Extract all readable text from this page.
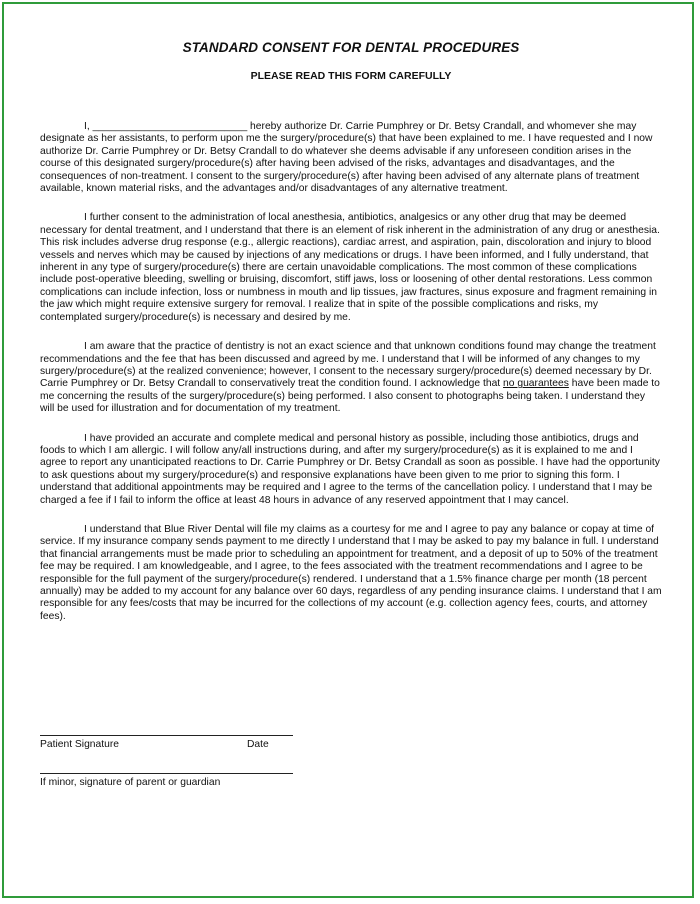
STANDARD CONSENT FOR DENTAL PROCEDURES

PLEASE READ THIS FORM CAREFULLY

I, ___________________________ hereby authorize Dr. Carrie Pumphrey or Dr. Betsy Crandall, and whomever she may designate as her assistants, to perform upon me the surgery/procedure(s) that have been explained to me. I have requested and I now authorize Dr. Carrie Pumphrey or Dr. Betsy Crandall to do whatever she deems advisable if any unforeseen condition arises in the course of this designated surgery/procedure(s) after having been advised of the risks, advantages and disadvantages, and the consequences of non-treatment. I consent to the surgery/procedure(s) after having been advised of any alternate plans of treatment available, known material risks, and the advantages and/or disadvantages of any alternative treatment.

I further consent to the administration of local anesthesia, antibiotics, analgesics or any other drug that may be deemed necessary for dental treatment, and I understand that there is an element of risk inherent in the administration of any drug or anesthesia. This risk includes adverse drug response (e.g., allergic reactions), cardiac arrest, and aspiration, pain, discoloration and injury to blood vessels and nerves which may be caused by injections of any medications or drugs. I have been informed, and I fully understand, that inherent in any type of surgery/procedure(s) there are certain unavoidable complications. The most common of these complications include post-operative bleeding, swelling or bruising, discomfort, stiff jaws, loss or loosening of other dental restorations. Less common complications can include infection, loss or numbness in mouth and lip tissues, jaw fractures, sinus exposure and fragment remaining in the jaw which might require extensive surgery for removal. I realize that in spite of the possible complications and risks, my contemplated surgery/procedure(s) is necessary and desired by me.

I am aware that the practice of dentistry is not an exact science and that unknown conditions found may change the treatment recommendations and the fee that has been discussed and agreed by me. I understand that I will be informed of any changes to my surgery/procedure(s) at the realized convenience; however, I consent to the necessary surgery/procedure(s) deemed necessary by Dr. Carrie Pumphrey or Dr. Betsy Crandall to conservatively treat the condition found. I acknowledge that no guarantees have been made to me concerning the results of the surgery/procedure(s) being performed. I also consent to photographs being taken. I understand they will be used for illustration and for documentation of my treatment.

I have provided an accurate and complete medical and personal history as possible, including those antibiotics, drugs and foods to which I am allergic. I will follow any/all instructions during, and after my surgery/procedure(s) as it is explained to me and I agree to report any unanticipated reactions to Dr. Carrie Pumphrey or Dr. Betsy Crandall as soon as possible. I have had the opportunity to ask questions about my surgery/procedure(s) and responsive explanations have been given to me prior to signing this form. I understand that additional appointments may be required and I agree to the terms of the cancellation policy. I understand that I may be charged a fee if I fail to inform the office at least 48 hours in advance of any reserved appointment that I may cancel.

I understand that Blue River Dental will file my claims as a courtesy for me and I agree to pay any balance or copay at time of service. If my insurance company sends payment to me directly I understand that I may be asked to pay my balance in full. I understand that financial arrangements must be made prior to scheduling an appointment for treatment, and a deposit of up to 50% of the treatment fee may be required. I am knowledgeable, and I agree, to the fees associated with the treatment recommendations and I agree to be responsible for the full payment of the surgery/procedure(s) rendered. I understand that a 1.5% finance charge per month (18 percent annually) may be added to my account for any balance over 60 days, regardless of any pending insurance claims. I understand that I am responsible for any fees/costs that may be incurred for the collections of my account (e.g. collection agency fees, courts, and attorney fees).

Patient Signature	Date
If minor, signature of parent or guardian
